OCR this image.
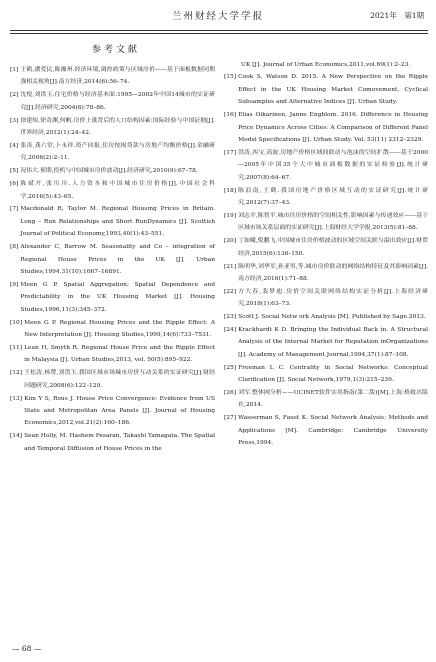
兰州财经大学学报	2021年　第1期
参考文献
[1] 王鹤,潘爱民,陈湘州.经济环境,调控政策与区域房价——基于面板数据同期强相关视角[J].南方经济,2014(6):56–74.
[2] 沈悦,刘洪玉.住宅价格与经济基本面:1995—2002年中国14城市的实证研究[J].经济研究,2004(6):78–86.
[3] 徐建炜,徐奇渊,何帆.房价上涨背后的人口结构因素:国际经验与中国证据[J].世界经济,2012(1):24–42.
[4] 张涛,龚六堂,卜永祥.资产回报,住房按揭贷款与房地产均衡价格[J].金融研究,2006(2):2–11.
[5] 况伟大.预期,投机与中国城市房价波动[J].经济研究,2010(9):67–78.
[6] 陈斌开,张川川.人力资本和中国城市住房价格[J].中国社会科学,2016(5):43–65.
[7] Macdonald R, Taylor M. Regional Housing Prices in Britain. Long – Run Relationships and Short RunDynamics [J]. Scottish Journal of Political Economy,1993,40(1):43–551.
[8] Alexander C, Barrow M. Seasonality and Co – integration of Regional House Prices in the UK [J]. Urban Studies,1994,31(10):1667–16891.
[9] Meen G P. Spatial Aggregation; Spatial Dependence and Predictability in the UK Housing Market [J]. Housing Studies,1996,11(3):345–372.
[10] Meen G P. Regional Housing Prices and the Ripple Effect: A New Interpretation [J]. Housing Studies,1999,14(6):733–7531.
[11] Lean H, Smyth R. Regional House Price and the Ripple Effect in Malaysia [J]. Urban Studies,2013, vol. 50(5):895–922.
[12] 王松涛,杨赞,刘洪玉.我国区域市场城市房价互动关系的实证研究[J].财经问题研究,2008(6):122–129.
[13] Kim Y S, Rous J. House Price Convergence: Evidence from US State and Metropolitan Area Panels [J]. Journal of Housing Economics,2012,vol.21(2):160–186.
[14] Sean Holly, M. Hashem Pesaran, Takashi Yamagata. The Spatial and Temporal Diffusion of House Prices in the
UK [J]. Journal of Urban Economics,2011,vol.69(1):2–23.
[15] Cook S, Watson D. 2015. A New Perspective on the Ripple Effect in the UK Housing Market Comovement, Cyclical Subsamples and Alternative Indices [J]. Urban Study.
[16] Elias Oikarinen, Janne Engblom. 2016. Difference in Housing Price Dynamics Across Cities: A Comparison of Different Panel Model Specifications [J]. Urban Study. Vol. 53(11) 2312–2329.
[17] 洪涛,西宝,高波.房地产价格区域间联动与泡沫的空间扩散——基于2000—2005年中国35个大中城市面板数据的实证检验[J].统计研究,2007(8):64–67.
[18] 陈浪南,王鹤.我国房地产价格区域互动的实证研究[J].统计研究,2012(7):37–43.
[19] 刘志平,陈智平.城市住房价格的空间相关性,影响因素与传递效应——基于区域市场关系层面的实证研究[J].上海财经大学学报,2013(5):81–88.
[20] 丁如曦,倪鹏飞.中国城市住房价格波动的区域空间关联与溢出效应[J].财贸经济,2015(6):136–150.
[21] 陈明华,刘华军,孙亚男,等.城市房价联动的网络结构特征及其影响因素[J].南方经济,2016(1):71–88.
[22] 方大春,裴梦迪.房价空间关联网络结构实证分析[J].上海经济研究,2018(1):63–73.
[23] Scott J. Social Netw ork Analysis [M]. Published by Sage.2013.
[24] Krackhardt K D. Bringing the Individual Back in. A Structural Analysis of the Internal Market for Reputation inOrganizations [J]. Academy of Management Journal,1994,37(1):87–108.
[25] Freeman L C. Centrality in Social Networks: Conceptual Clarification [J]. Social Network,1979,1(3):215–239.
[26] 刘军.整体网分析——UCINET软件实用指南(第二版)[M].上海:格致出版社,2014.
[27] Wasserman S, Faust K. Social Network Analysis: Methods and Applications [M]. Cambridge: Cambridge University Press,1994.
— 68 —
